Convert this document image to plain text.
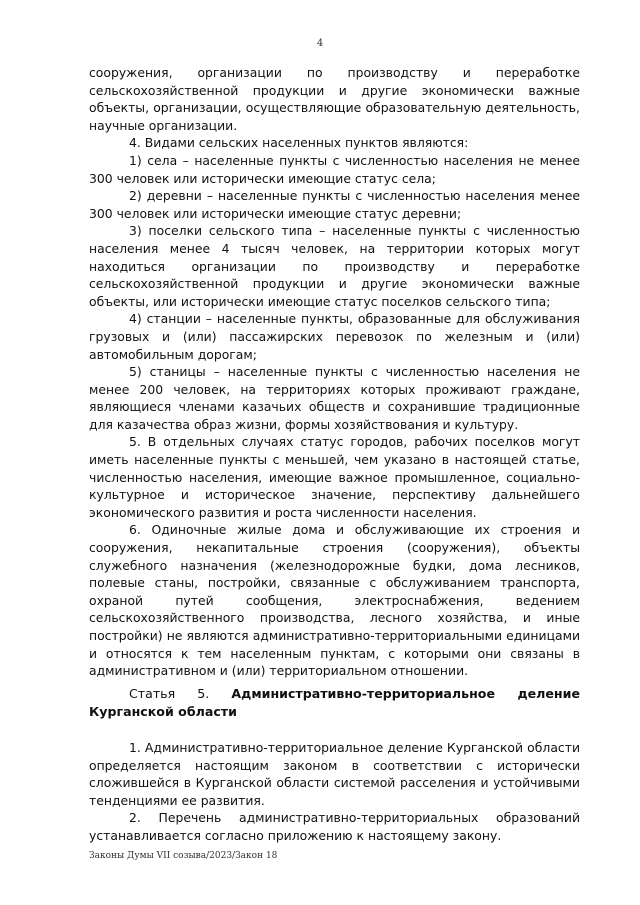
4

сооружения, организации по производству и переработке сельскохозяйственной продукции и другие экономически важные объекты, организации, осуществляющие образовательную деятельность, научные организации.

4. Видами сельских населенных пунктов являются:

1) села – населенные пункты с численностью населения не менее 300 человек или исторически имеющие статус села;

2) деревни – населенные пункты с численностью населения менее 300 человек или исторически имеющие статус деревни;

3) поселки сельского типа – населенные пункты с численностью населения менее 4 тысяч человек, на территории которых могут находиться организации по производству и переработке сельскохозяйственной продукции и другие экономически важные объекты, или исторически имеющие статус поселков сельского типа;

4) станции – населенные пункты, образованные для обслуживания грузовых и (или) пассажирских перевозок по железным и (или) автомобильным дорогам;

5) станицы – населенные пункты с численностью населения не менее 200 человек, на территориях которых проживают граждане, являющиеся членами казачьих обществ и сохранившие традиционные для казачества образ жизни, формы хозяйствования и культуру.

5. В отдельных случаях статус городов, рабочих поселков могут иметь населенные пункты с меньшей, чем указано в настоящей статье, численностью населения, имеющие важное промышленное, социально-культурное и историческое значение, перспективу дальнейшего экономического развития и роста численности населения.

6. Одиночные жилые дома и обслуживающие их строения и сооружения, некапитальные строения (сооружения), объекты служебного назначения (железнодорожные будки, дома лесников, полевые станы, постройки, связанные с обслуживанием транспорта, охраной путей сообщения, электроснабжения, ведением сельскохозяйственного производства, лесного хозяйства, и иные постройки) не являются административно-территориальными единицами и относятся к тем населенным пунктам, с которыми они связаны в административном и (или) территориальном отношении.

Статья 5. Административно-территориальное деление Курганской области

1. Административно-территориальное деление Курганской области определяется настоящим законом в соответствии с исторически сложившейся в Курганской области системой расселения и устойчивыми тенденциями ее развития.

2. Перечень административно-территориальных образований устанавливается согласно приложению к настоящему закону.

Законы Думы VII созыва/2023/Закон 18
